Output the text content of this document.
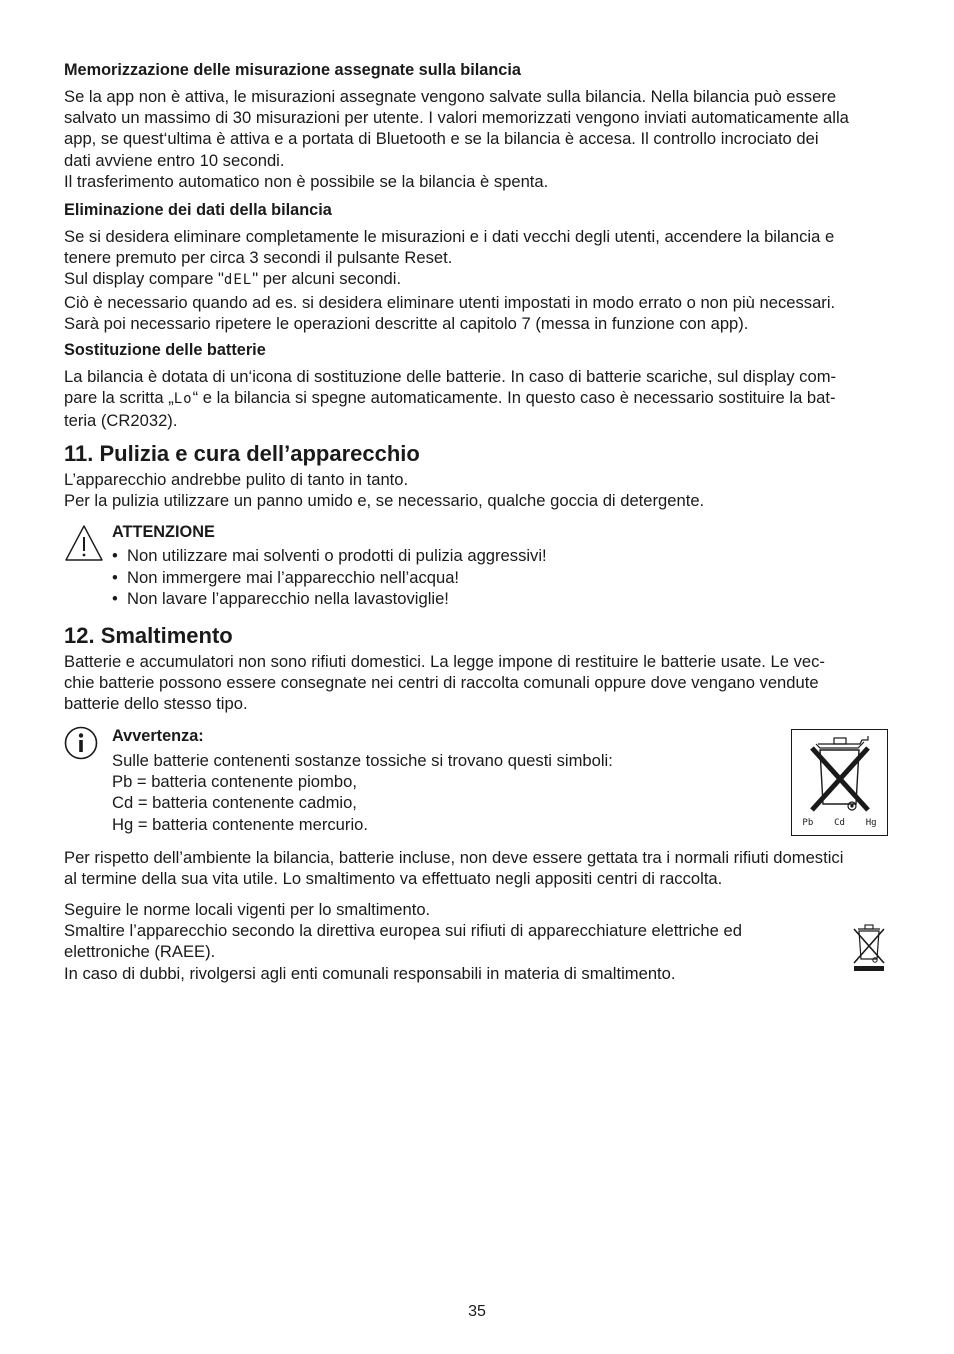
Memorizzazione delle misurazione assegnate sulla bilancia

Se la app non è attiva, le misurazioni assegnate vengono salvate sulla bilancia. Nella bilancia può essere

salvato un massimo di 30 misurazioni per utente. I valori memorizzati vengono inviati automaticamente alla

app, se quest‘ultima è attiva e a portata di Bluetooth e se la bilancia è accesa. Il controllo incrociato dei

dati avviene entro 10 secondi.

Il trasferimento automatico non è possibile se la bilancia è spenta.

Eliminazione dei dati della bilancia

Se si desidera eliminare completamente le misurazioni e i dati vecchi degli utenti, accendere la bilancia e

tenere premuto per circa 3 secondi il pulsante Reset.

Sul display compare "dEL" per alcuni secondi.

Ciò è necessario quando ad es. si desidera eliminare utenti impostati in modo errato o non più necessari.

Sarà poi necessario ripetere le operazioni descritte al capitolo 7 (messa in funzione con app).

Sostituzione delle batterie

La bilancia è dotata di un‘icona di sostituzione delle batterie. In caso di batterie scariche, sul display com-

pare la scritta „Lo“ e la bilancia si spegne automaticamente. In questo caso è necessario sostituire la bat-

teria (CR2032).

11. Pulizia e cura dell’apparecchio

L’apparecchio andrebbe pulito di tanto in tanto.

Per la pulizia utilizzare un panno umido e, se necessario, qualche goccia di detergente.

ATTENZIONE

• Non utilizzare mai solventi o prodotti di pulizia aggressivi!
• Non immergere mai l’apparecchio nell’acqua!
• Non lavare l’apparecchio nella lavastoviglie!

12. Smaltimento

Batterie e accumulatori non sono rifiuti domestici. La legge impone di restituire le batterie usate. Le vec-

chie batterie possono essere consegnate nei centri di raccolta comunali oppure dove vengano vendute

batterie dello stesso tipo.

Avvertenza:

Sulle batterie contenenti sostanze tossiche si trovano questi simboli:

Pb = batteria contenente piombo,

Cd = batteria contenente cadmio,

Hg = batteria contenente mercurio.	Pb Cd Hg

Per rispetto dell’ambiente la bilancia, batterie incluse, non deve essere gettata tra i normali rifiuti domestici

al termine della sua vita utile. Lo smaltimento va effettuato negli appositi centri di raccolta.

Seguire le norme locali vigenti per lo smaltimento.

Smaltire l’apparecchio secondo la direttiva europea sui rifiuti di apparecchiature elettriche ed

elettroniche (RAEE).

In caso di dubbi, rivolgersi agli enti comunali responsabili in materia di smaltimento.

35
